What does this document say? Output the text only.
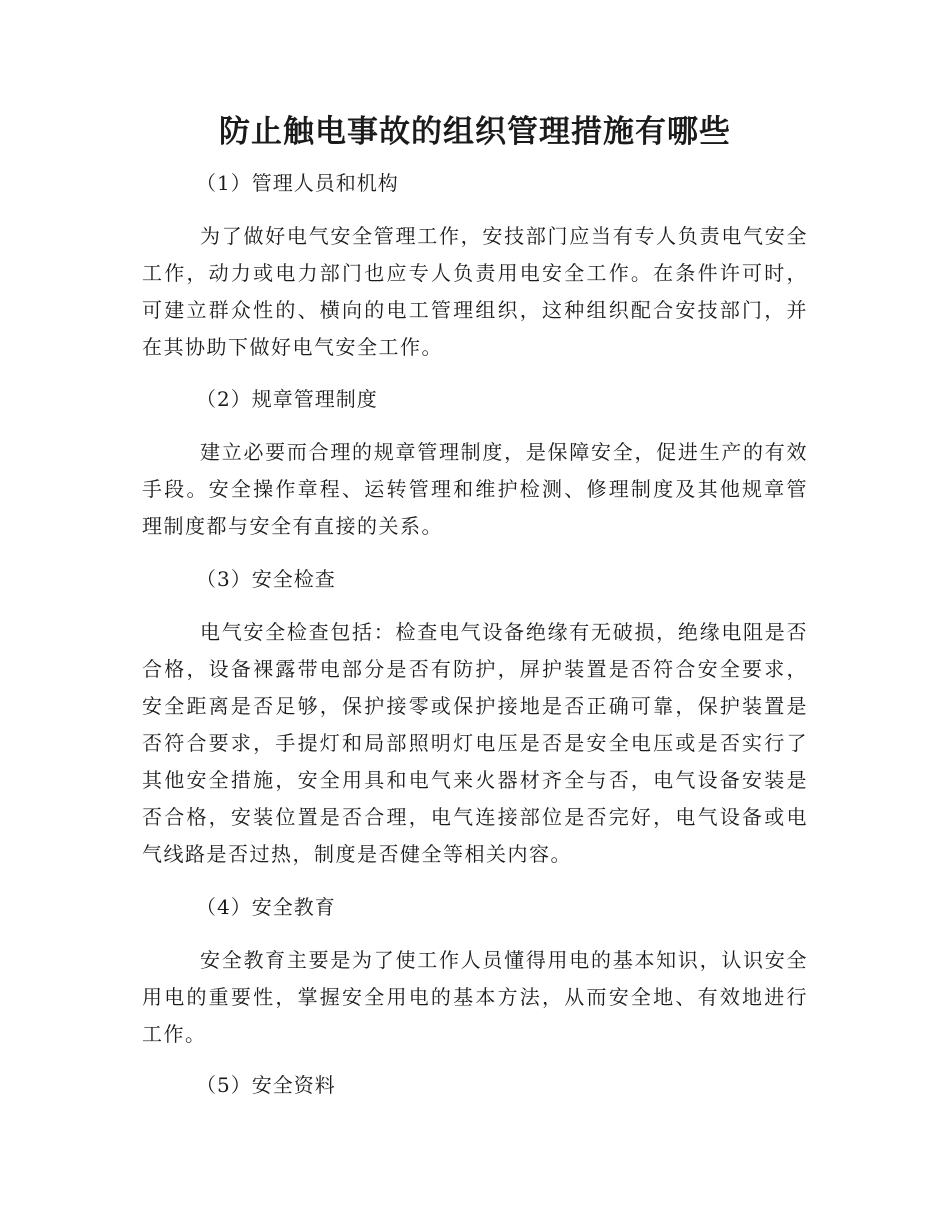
防止触电事故的组织管理措施有哪些

（1）管理人员和机构

为了做好电气安全管理工作，安技部门应当有专人负责电气安全工作，动力或电力部门也应专人负责用电安全工作。在条件许可时，可建立群众性的、横向的电工管理组织，这种组织配合安技部门，并在其协助下做好电气安全工作。

（2）规章管理制度

建立必要而合理的规章管理制度，是保障安全，促进生产的有效手段。安全操作章程、运转管理和维护检测、修理制度及其他规章管理制度都与安全有直接的关系。

（3）安全检查

电气安全检查包括：检查电气设备绝缘有无破损，绝缘电阻是否合格，设备裸露带电部分是否有防护，屏护装置是否符合安全要求，安全距离是否足够，保护接零或保护接地是否正确可靠，保护装置是否符合要求，手提灯和局部照明灯电压是否是安全电压或是否实行了其他安全措施，安全用具和电气来火器材齐全与否，电气设备安装是否合格，安装位置是否合理，电气连接部位是否完好，电气设备或电气线路是否过热，制度是否健全等相关内容。

（4）安全教育

安全教育主要是为了使工作人员懂得用电的基本知识，认识安全用电的重要性，掌握安全用电的基本方法，从而安全地、有效地进行工作。

（5）安全资料
